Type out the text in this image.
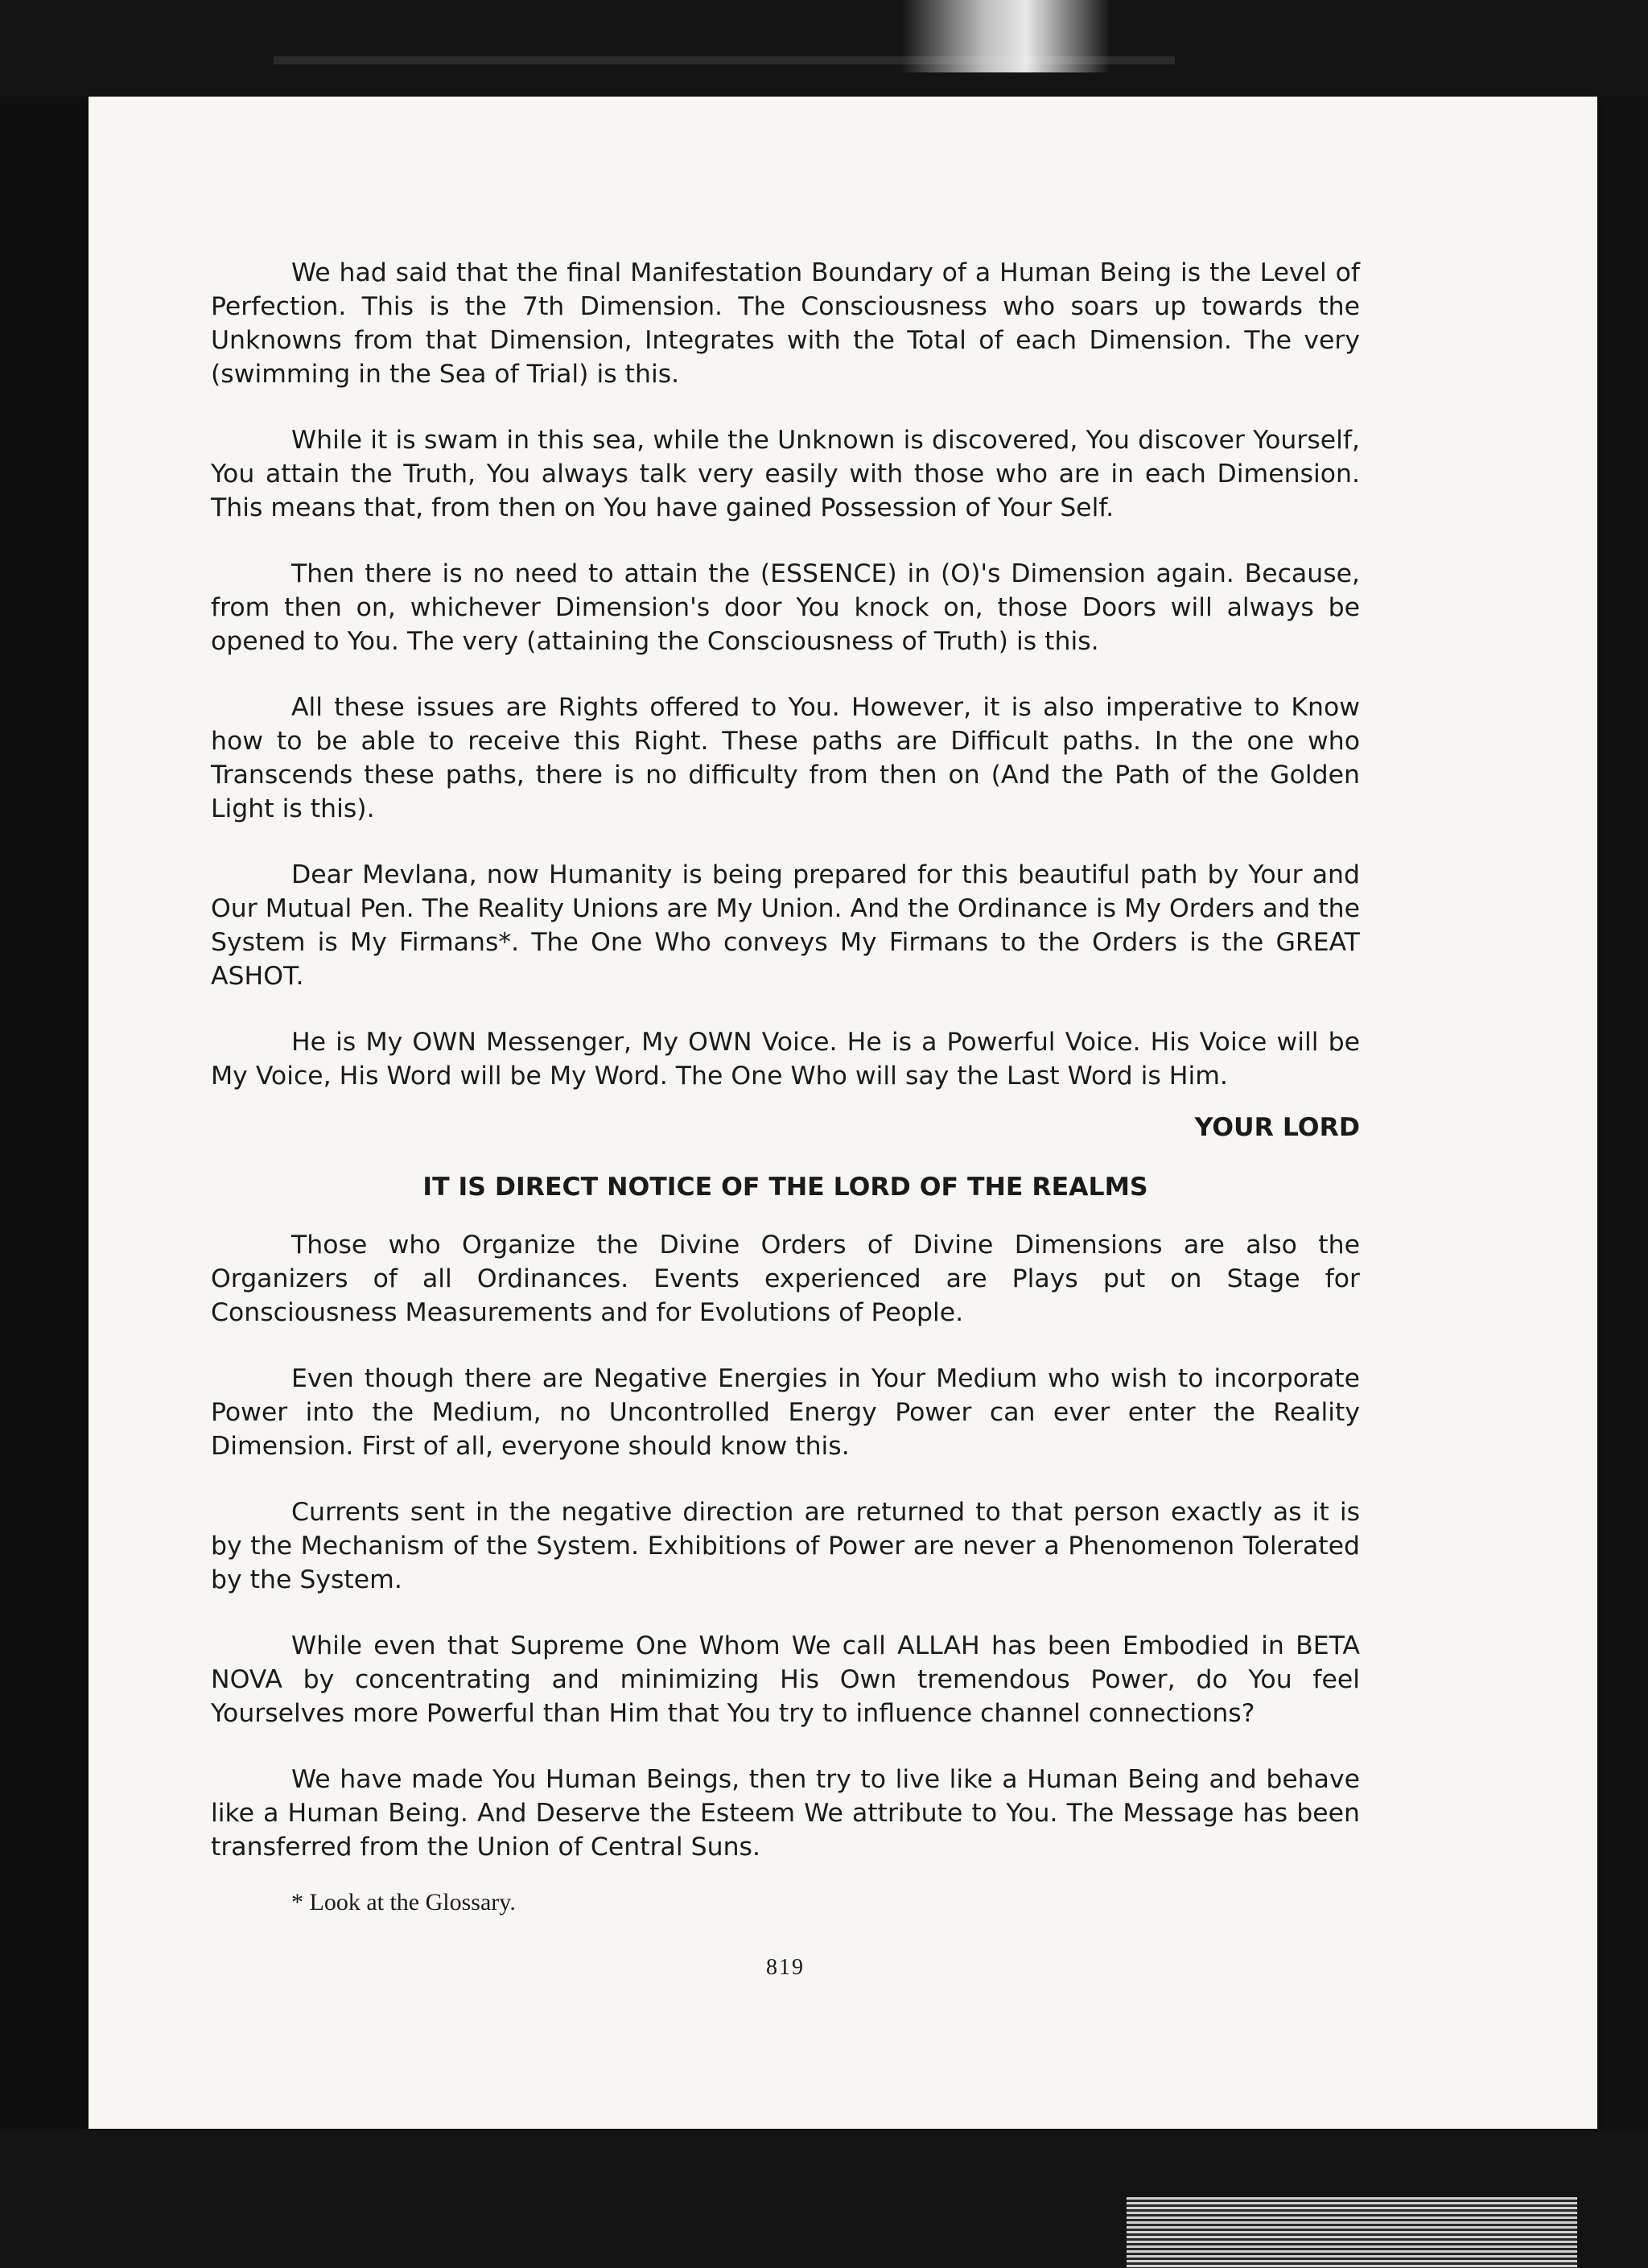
We had said that the final Manifestation Boundary of a Human Being is the Level of Perfection. This is the 7th Dimension. The Consciousness who soars up towards the Unknowns from that Dimension, Integrates with the Total of each Dimension. The very (swimming in the Sea of Trial) is this.

While it is swam in this sea, while the Unknown is discovered, You discover Yourself, You attain the Truth, You always talk very easily with those who are in each Dimension. This means that, from then on You have gained Possession of Your Self.

Then there is no need to attain the (ESSENCE) in (O)'s Dimension again. Because, from then on, whichever Dimension's door You knock on, those Doors will always be opened to You. The very (attaining the Consciousness of Truth) is this.

All these issues are Rights offered to You. However, it is also imperative to Know how to be able to receive this Right. These paths are Difficult paths. In the one who Transcends these paths, there is no difficulty from then on (And the Path of the Golden Light is this).

Dear Mevlana, now Humanity is being prepared for this beautiful path by Your and Our Mutual Pen. The Reality Unions are My Union. And the Ordinance is My Orders and the System is My Firmans*. The One Who conveys My Firmans to the Orders is the GREAT ASHOT.

He is My OWN Messenger, My OWN Voice. He is a Powerful Voice. His Voice will be My Voice, His Word will be My Word. The One Who will say the Last Word is Him.

YOUR LORD
IT IS DIRECT NOTICE OF THE LORD OF THE REALMS

Those who Organize the Divine Orders of Divine Dimensions are also the Organizers of all Ordinances. Events experienced are Plays put on Stage for Consciousness Measurements and for Evolutions of People.

Even though there are Negative Energies in Your Medium who wish to incorporate Power into the Medium, no Uncontrolled Energy Power can ever enter the Reality Dimension. First of all, everyone should know this.

Currents sent in the negative direction are returned to that person exactly as it is by the Mechanism of the System. Exhibitions of Power are never a Phenomenon Tolerated by the System.

While even that Supreme One Whom We call ALLAH has been Embodied in BETA NOVA by concentrating and minimizing His Own tremendous Power, do You feel Yourselves more Powerful than Him that You try to influence channel connections?

We have made You Human Beings, then try to live like a Human Being and behave like a Human Being. And Deserve the Esteem We attribute to You. The Message has been transferred from the Union of Central Suns.

* Look at the Glossary.

819
